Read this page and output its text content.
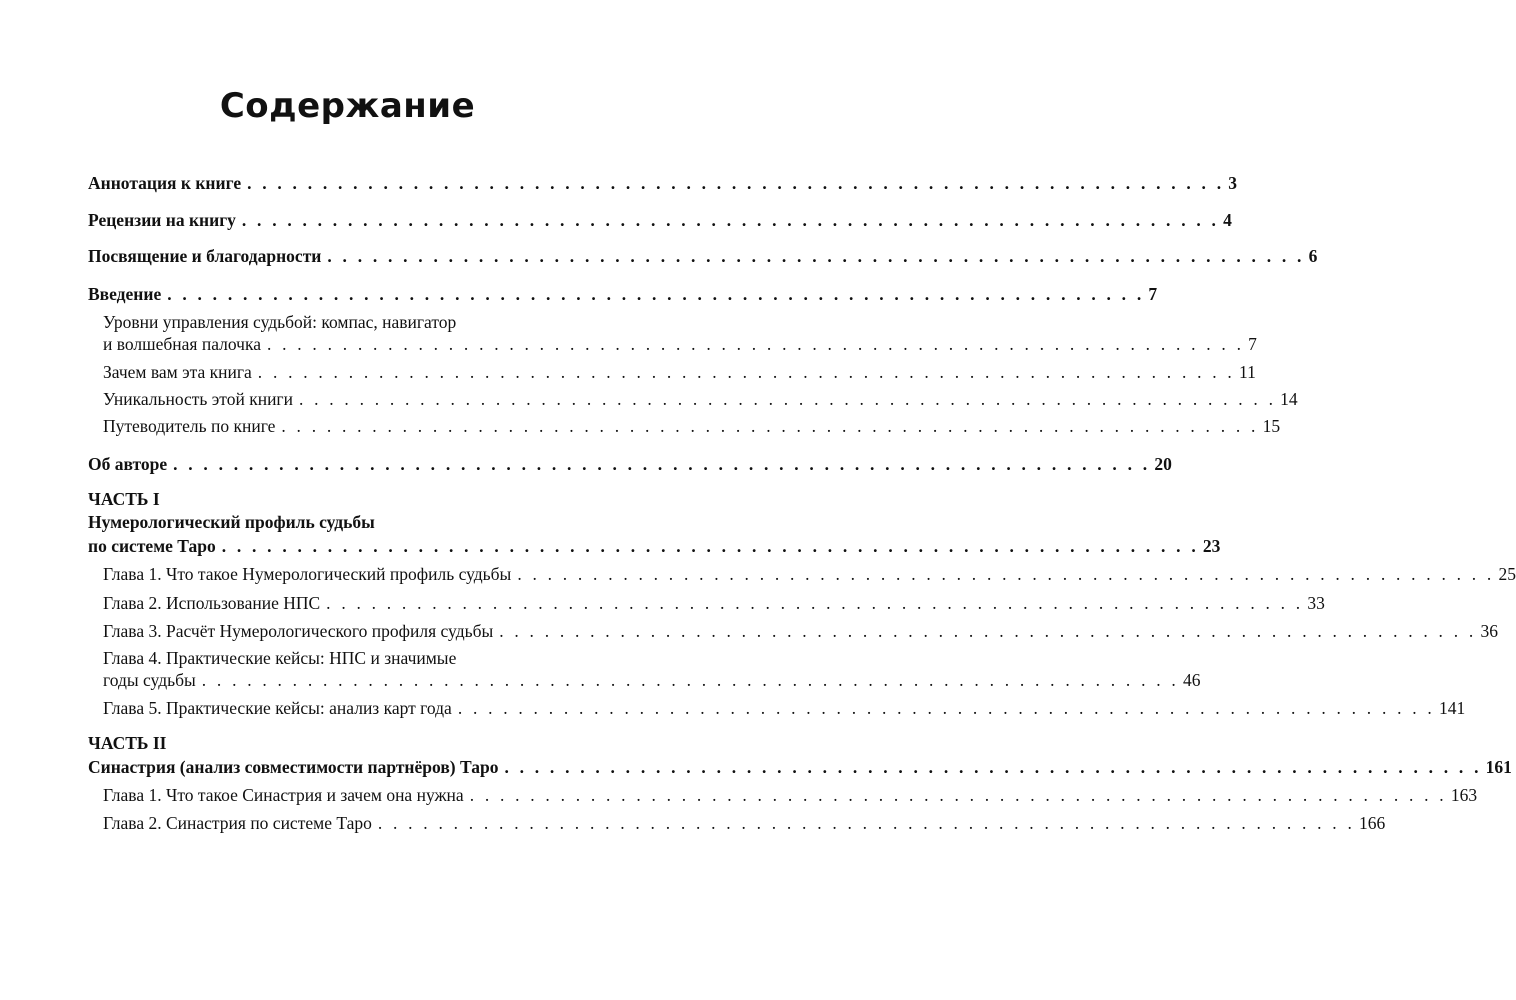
Содержание
Аннотация к книге . . . . . . . . . . . . . . . . . . . . . . . . . . . . . . . . . . . . . . . . . . . . . . . . . . . . . . . . . . . . . . . . . 3
Рецензии на книгу . . . . . . . . . . . . . . . . . . . . . . . . . . . . . . . . . . . . . . . . . . . . . . . . . . . . . . . . . . . . . . . . . 4
Посвящение и благодарности . . . . . . . . . . . . . . . . . . . . . . . . . . . . . . . . . . . . . . . . . . . . . . . . . . . . . . . . . . . . . . . . . 6
Введение . . . . . . . . . . . . . . . . . . . . . . . . . . . . . . . . . . . . . . . . . . . . . . . . . . . . . . . . . . . . . . . . . 7
Уровни управления судьбой: компас, навигатор
и волшебная палочка . . . . . . . . . . . . . . . . . . . . . . . . . . . . . . . . . . . . . . . . . . . . . . . . . . . . . . . . . . . . . . . . . 7
Зачем вам эта книга . . . . . . . . . . . . . . . . . . . . . . . . . . . . . . . . . . . . . . . . . . . . . . . . . . . . . . . . . . . . . . . . . 11
Уникальность этой книги . . . . . . . . . . . . . . . . . . . . . . . . . . . . . . . . . . . . . . . . . . . . . . . . . . . . . . . . . . . . . . . . . 14
Путеводитель по книге . . . . . . . . . . . . . . . . . . . . . . . . . . . . . . . . . . . . . . . . . . . . . . . . . . . . . . . . . . . . . . . . . 15
Об авторе . . . . . . . . . . . . . . . . . . . . . . . . . . . . . . . . . . . . . . . . . . . . . . . . . . . . . . . . . . . . . . . . . 20
ЧАСТЬ I
Нумерологический профиль судьбы
по системе Таро . . . . . . . . . . . . . . . . . . . . . . . . . . . . . . . . . . . . . . . . . . . . . . . . . . . . . . . . . . . . . . . . . 23
Глава 1. Что такое Нумерологический профиль судьбы . . . . . . . . . . . . . . . . . . . . . . . . . . . . . . . . . . . . . . . . . . . . . . . . . . . . . . . . . . . . . . . . . 25
Глава 2. Использование НПС . . . . . . . . . . . . . . . . . . . . . . . . . . . . . . . . . . . . . . . . . . . . . . . . . . . . . . . . . . . . . . . . . 33
Глава 3. Расчёт Нумерологического профиля судьбы . . . . . . . . . . . . . . . . . . . . . . . . . . . . . . . . . . . . . . . . . . . . . . . . . . . . . . . . . . . . . . . . . 36
Глава 4. Практические кейсы: НПС и значимые
годы судьбы . . . . . . . . . . . . . . . . . . . . . . . . . . . . . . . . . . . . . . . . . . . . . . . . . . . . . . . . . . . . . . . . . 46
Глава 5. Практические кейсы: анализ карт года . . . . . . . . . . . . . . . . . . . . . . . . . . . . . . . . . . . . . . . . . . . . . . . . . . . . . . . . . . . . . . . . . 141
ЧАСТЬ II
Синастрия (анализ совместимости партнёров) Таро . . . . . . . . . . . . . . . . . . . . . . . . . . . . . . . . . . . . . . . . . . . . . . . . . . . . . . . . . . . . . . . . . 161
Глава 1. Что такое Синастрия и зачем она нужна . . . . . . . . . . . . . . . . . . . . . . . . . . . . . . . . . . . . . . . . . . . . . . . . . . . . . . . . . . . . . . . . . 163
Глава 2. Синастрия по системе Таро . . . . . . . . . . . . . . . . . . . . . . . . . . . . . . . . . . . . . . . . . . . . . . . . . . . . . . . . . . . . . . . . . 166
